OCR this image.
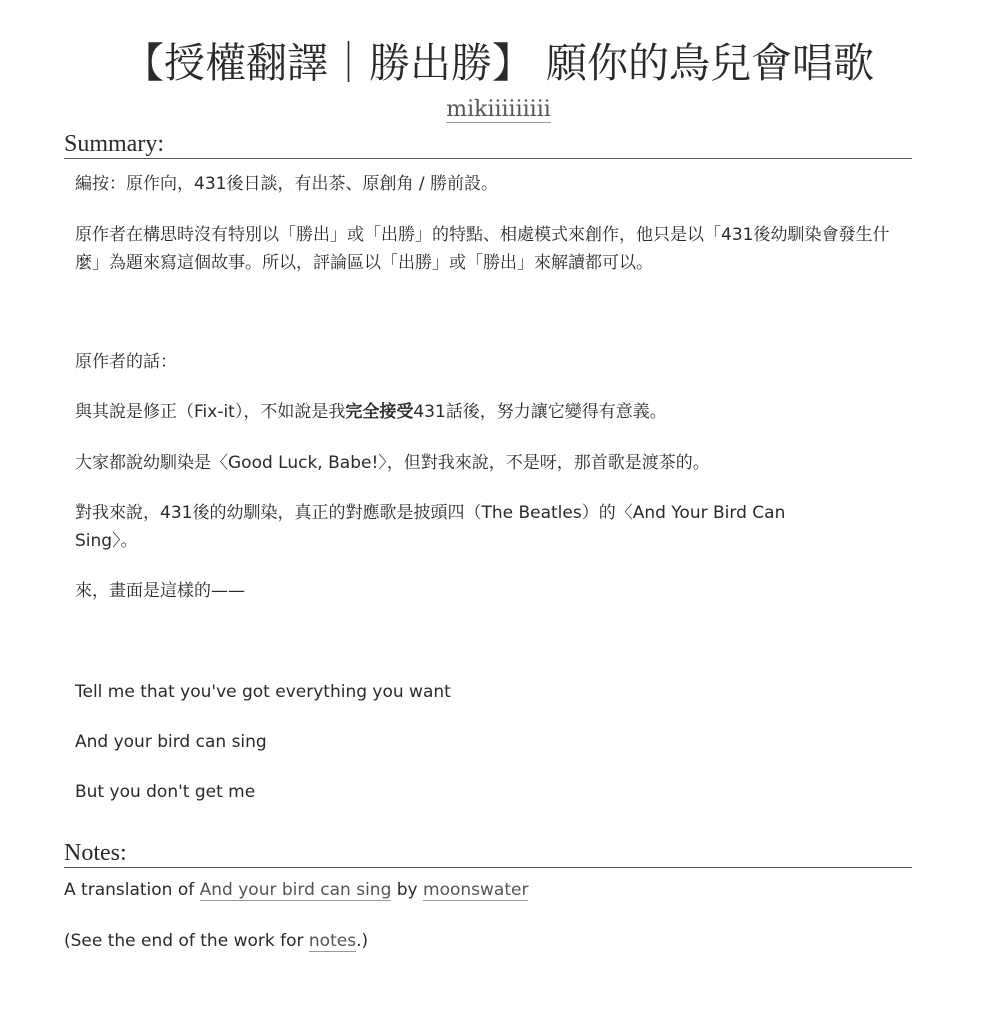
【授權翻譯｜勝出勝】 願你的鳥兒會唱歌
mikiiiiiiiii
Summary:

編按：原作向，431後日談，有出茶、原創角 / 勝前設。

原作者在構思時沒有特別以「勝出」或「出勝」的特點、相處模式來創作，他只是以「431後幼馴染會發生什麼」為題來寫這個故事。所以，評論區以「出勝」或「勝出」來解讀都可以。

原作者的話：

與其說是修正（Fix-it），不如說是我完全接受431話後，努力讓它變得有意義。

大家都說幼馴染是〈Good Luck, Babe!〉，但對我來說，不是呀，那首歌是渡茶的。

對我來說，431後的幼馴染，真正的對應歌是披頭四（The Beatles）的〈And Your Bird Can Sing〉。

來，畫面是這樣的——

Tell me that you've got everything you want

And your bird can sing

But you don't get me

Notes:

A translation of And your bird can sing by moonswater

(See the end of the work for notes.)
